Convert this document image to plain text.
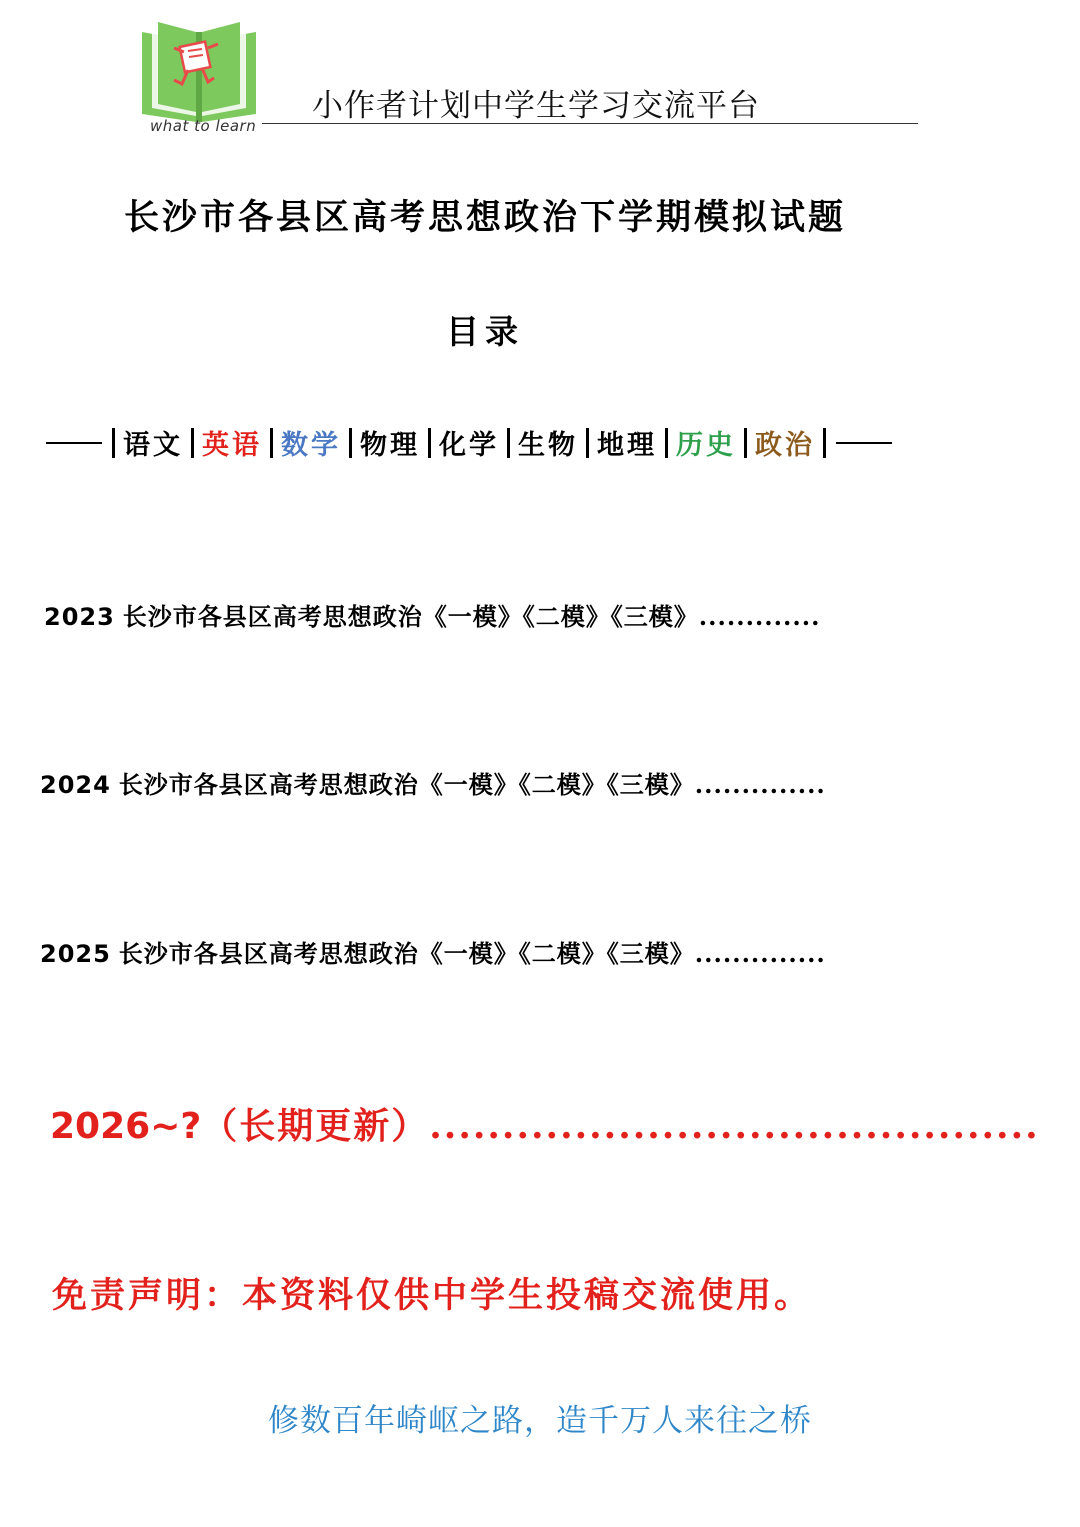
what to learn
小作者计划中学生学习交流平台
长沙市各县区高考思想政治下学期模拟试题
目录
语文 英语 数学 物理 化学 生物 地理 历史 政治
2023 长沙市各县区高考思想政治《一模》《二模》《三模》.............
2024 长沙市各县区高考思想政治《一模》《二模》《三模》..............
2025 长沙市各县区高考思想政治《一模》《二模》《三模》..............
2026~?（长期更新）..........................................
免责声明：本资料仅供中学生投稿交流使用。
修数百年崎岖之路，造千万人来往之桥
